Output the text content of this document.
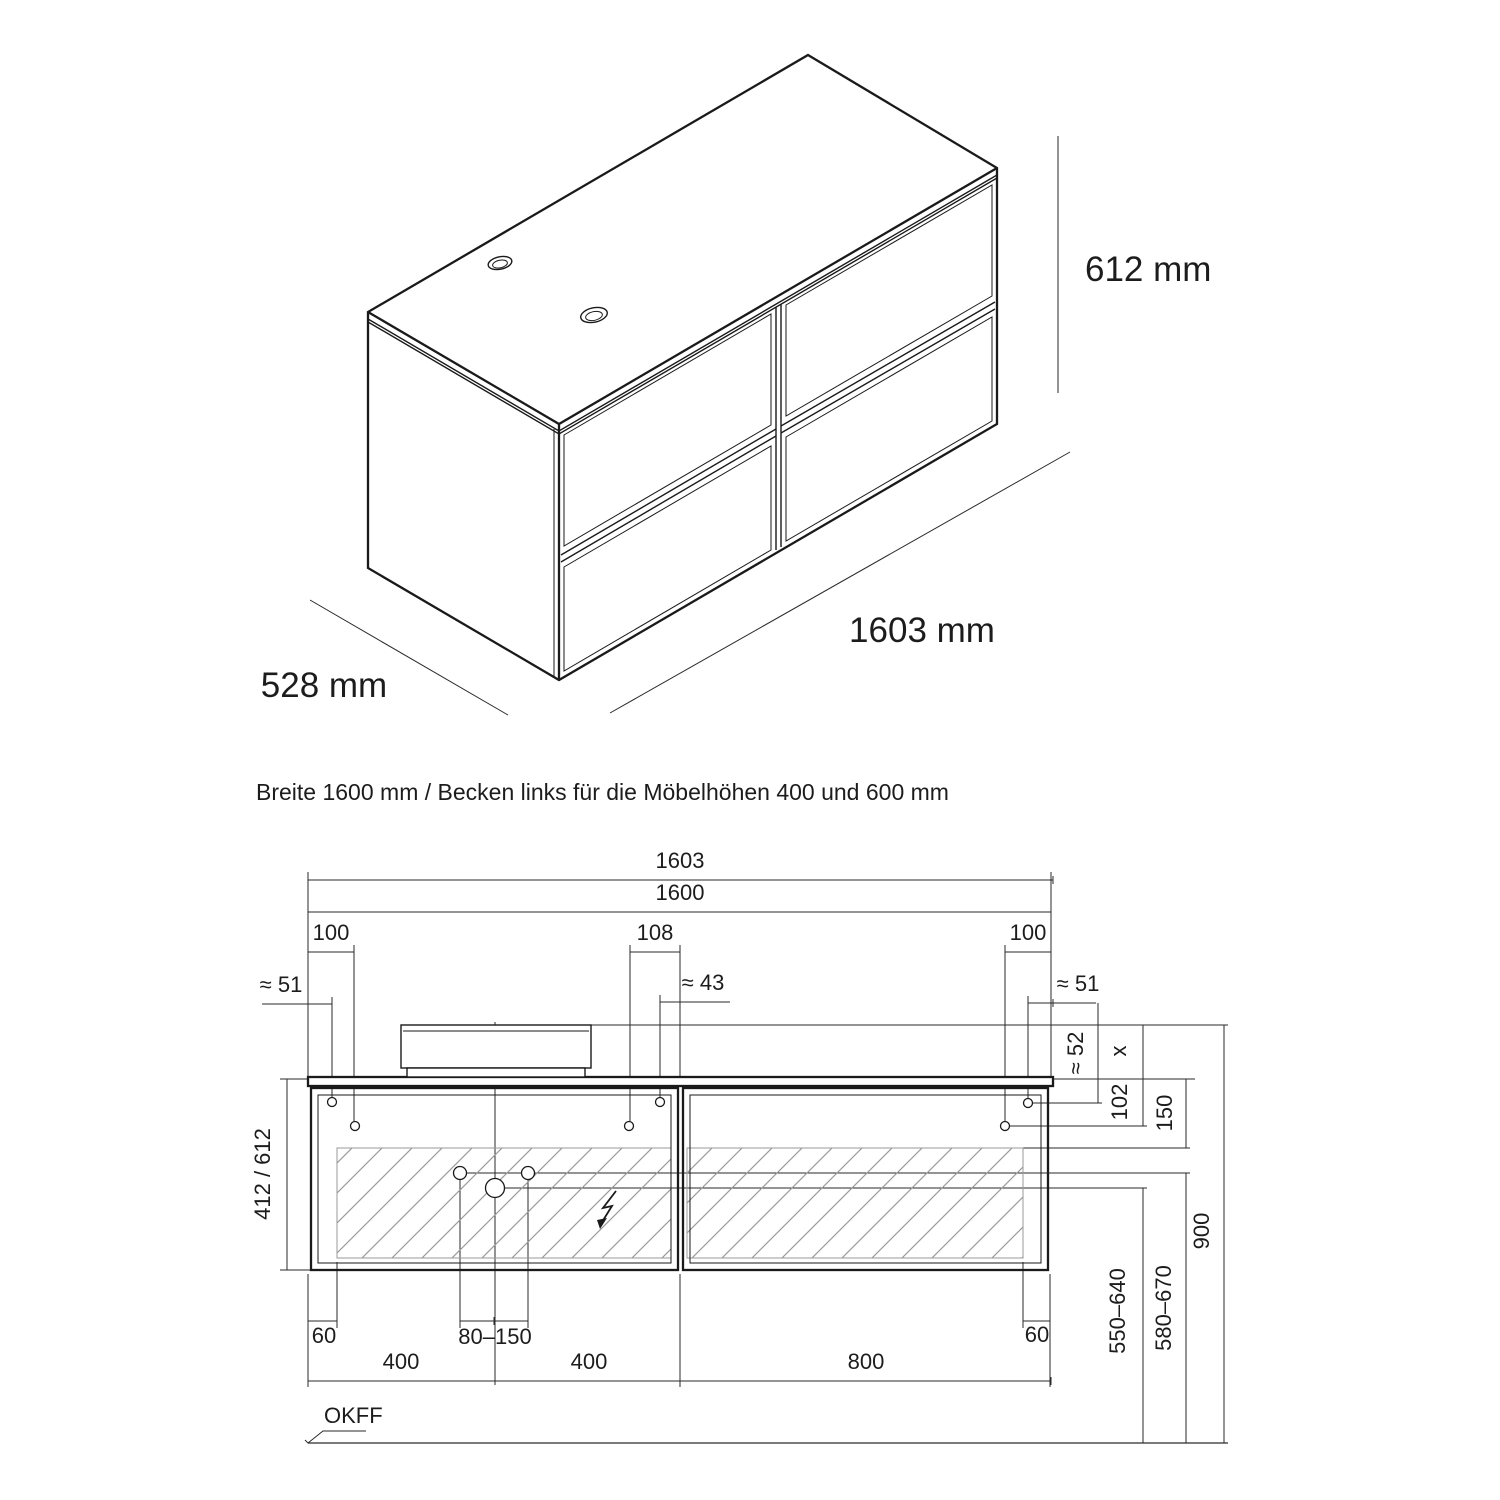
612 mm
1603 mm
528 mm
Breite 1600 mm / Becken links für die Möbelhöhen 400 und 600 mm
1603
1600
100	108	100
≈ 51	≈ 43	≈ 51
≈ 52 x
102 150
900
550–640 580–670
412 / 612
60	80–150	60
400	400	800
OKFF
